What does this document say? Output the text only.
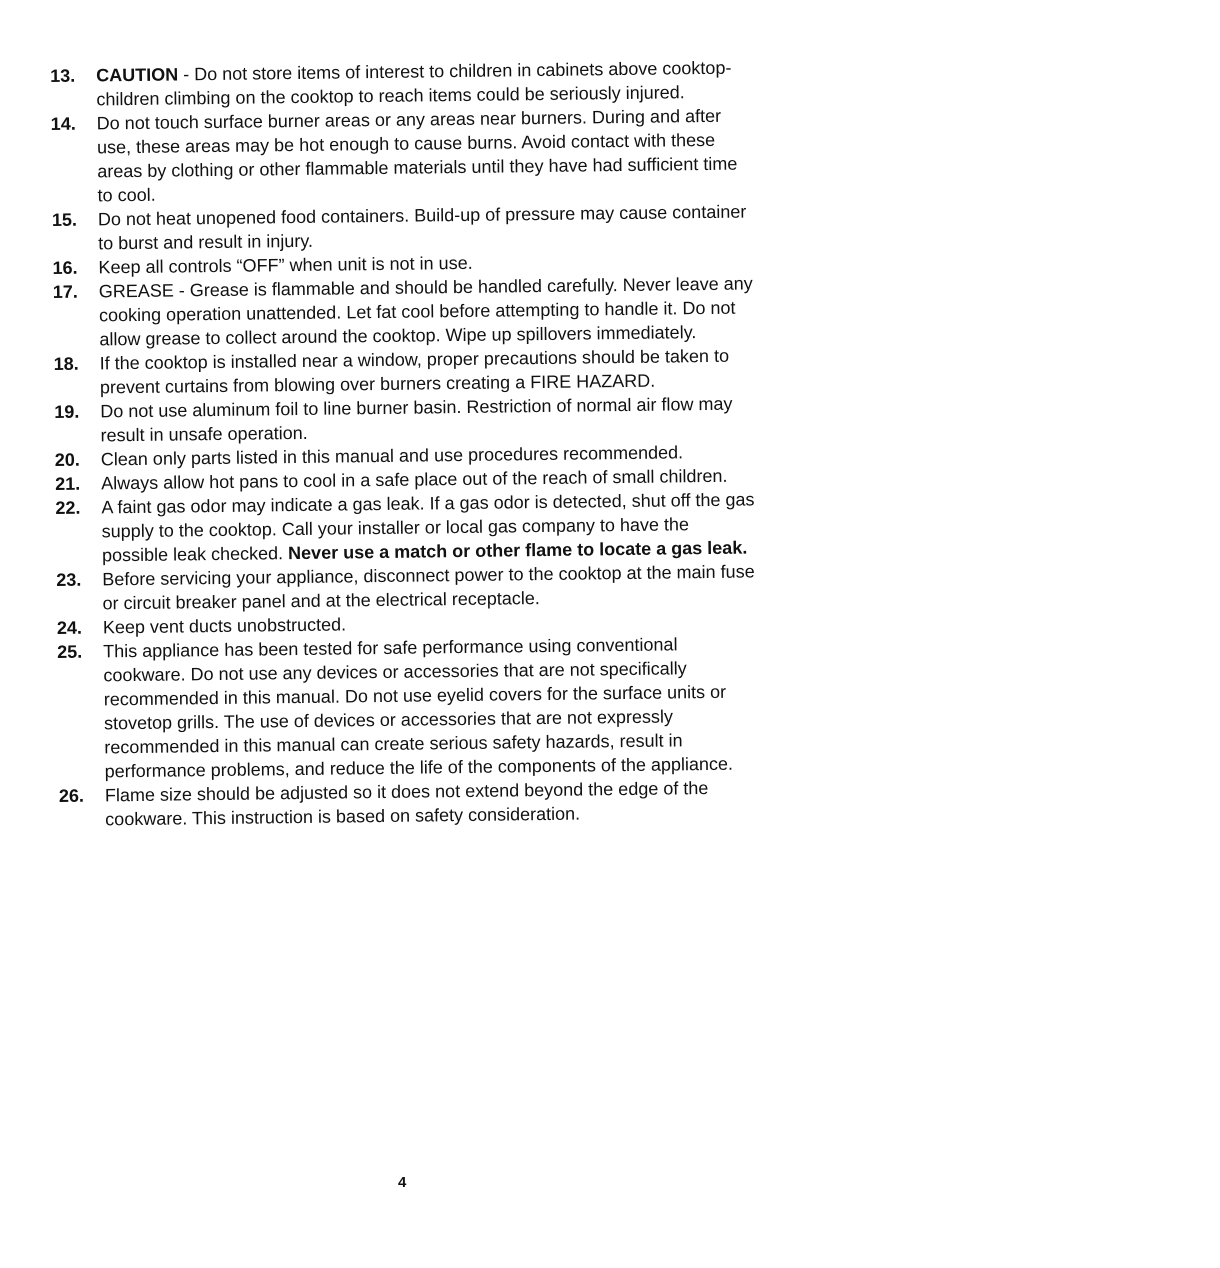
13.	CAUTION - Do not store items of interest to children in cabinets above cooktop-children climbing on the cooktop to reach items could be seriously injured.
14.	Do not touch surface burner areas or any areas near burners. During and after use, these areas may be hot enough to cause burns. Avoid contact with these areas by clothing or other flammable materials until they have had sufficient time to cool.
15.	Do not heat unopened food containers. Build-up of pressure may cause container to burst and result in injury.
16.	Keep all controls “OFF” when unit is not in use.
17.	GREASE - Grease is flammable and should be handled carefully. Never leave any cooking operation unattended. Let fat cool before attempting to handle it. Do not allow grease to collect around the cooktop. Wipe up spillovers immediately.
18.	If the cooktop is installed near a window, proper precautions should be taken to prevent curtains from blowing over burners creating a FIRE HAZARD.
19.	Do not use aluminum foil to line burner basin. Restriction of normal air flow may result in unsafe operation.
20.	Clean only parts listed in this manual and use procedures recommended.
21.	Always allow hot pans to cool in a safe place out of the reach of small children.
22.	A faint gas odor may indicate a gas leak. If a gas odor is detected, shut off the gas supply to the cooktop. Call your installer or local gas company to have the possible leak checked. Never use a match or other flame to locate a gas leak.
23.	Before servicing your appliance, disconnect power to the cooktop at the main fuse or circuit breaker panel and at the electrical receptacle.
24.	Keep vent ducts unobstructed.
25.	This appliance has been tested for safe performance using conventional cookware. Do not use any devices or accessories that are not specifically recommended in this manual. Do not use eyelid covers for the surface units or stovetop grills. The use of devices or accessories that are not expressly recommended in this manual can create serious safety hazards, result in performance problems, and reduce the life of the components of the appliance.
26.	Flame size should be adjusted so it does not extend beyond the edge of the cookware. This instruction is based on safety consideration.
4
